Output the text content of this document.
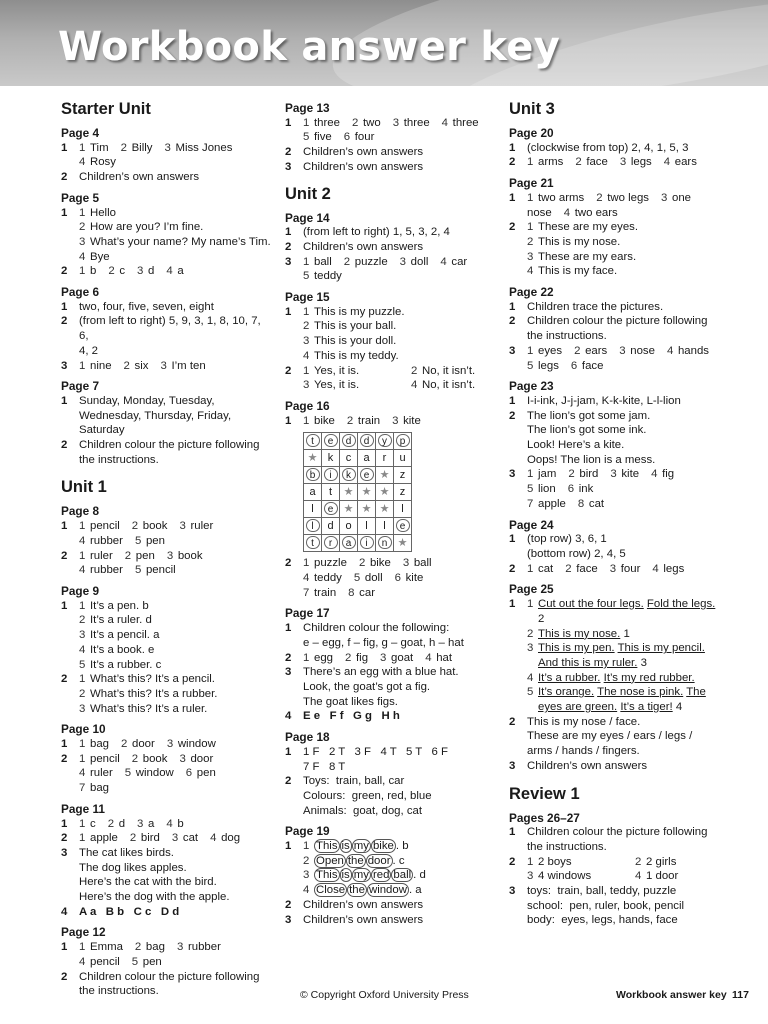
Workbook answer key
Starter Unit
Page 4
1 1 Tim 2 Billy 3 Miss Jones
4 Rosy
2 Children’s own answers
Page 5
1 1 Hello
2 How are you? I’m fine.
3 What’s your name? My name’s Tim.
4 Bye
2 1 b 2 c 3 d 4 a
Page 6
1 two, four, five, seven, eight
2 (from left to right) 5, 9, 3, 1, 8, 10, 7, 6,
4, 2
3 1 nine 2 six 3 I’m ten
Page 7
1 Sunday, Monday, Tuesday,
Wednesday, Thursday, Friday,
Saturday
2 Children colour the picture following
the instructions.
Unit 1
Page 8
1 1 pencil 2 book 3 ruler
4 rubber 5 pen
2 1 ruler 2 pen 3 book
4 rubber 5 pencil
Page 9
1 1 It’s a pen. b2 It’s a ruler. d
3 It’s a pencil. a4 It’s a book. e
5 It’s a rubber. c
2 1 What’s this? It’s a pencil.
2 What’s this? It’s a rubber.
3 What’s this? It’s a ruler.
Page 10
1 1 bag 2 door 3 window
2 1 pencil 2 book 3 door
4 ruler 5 window 6 pen
7 bag
Page 11
1 1 c 2 d 3 a 4 b
2 1 apple 2 bird 3 cat 4 dog
3 The cat likes birds.
The dog likes apples.
Here’s the cat with the bird.
Here’s the dog with the apple.
4 A a   B b   C c   D d
Page 12
1 1 Emma 2 bag 3 rubber
4 pencil 5 pen
2 Children colour the picture following
the instructions.
Page 13
1 1 three 2 two 3 three 4 three
5 five 6 four
2 Children’s own answers
3 Children’s own answers
Unit 2
Page 14
1 (from left to right) 1, 5, 3, 2, 4
2 Children’s own answers
3 1 ball 2 puzzle 3 doll 4 car
5 teddy
Page 15
1 1 This is my puzzle.
2 This is your ball.
3 This is your doll.
4 This is my teddy.
2 1 Yes, it is.	2 No, it isn’t.
3 Yes, it is.	4 No, it isn’t.
Page 16
1 1 bike 2 train 3 kite
t	e	d	d	y	p
★	k	c	a	r	u
b	i	k	e	★	z
a	t	★	★	★	z
l	e	★	★	★	l
l	d	o	l	l	e
t	r	a	i	n	★
2 1 puzzle 2 bike 3 ball
4 teddy 5 doll 6 kite
7 train 8 car
Page 17
1 Children colour the following:
e – egg, f – fig, g – goat, h – hat
2 1 egg 2 fig 3 goat 4 hat
3 There’s an egg with a blue hat.
Look, the goat’s got a fig.
The goat likes figs.
4 E e   F f   G g   H h
Page 18
1 1 F   2 T   3 F   4 T   5 T   6 F
7 F   8 T
2 Toys:  train, ball, car
Colours:  green, red, blue
Animals:  goat, dog, cat
Page 19
1 1 This is my bike . b
2 Open the door . c
3 This is my red ball . d
4 Close the window . a
2 Children’s own answers
3 Children’s own answers
Unit 3
Page 20
1 (clockwise from top) 2, 4, 1, 5, 3
2 1 arms 2 face 3 legs 4 ears
Page 21
1 1 two arms 2 two legs 3 one
nose 4 two ears
2 1 These are my eyes.
2 This is my nose.
3 These are my ears.
4 This is my face.
Page 22
1 Children trace the pictures.
2 Children colour the picture following
the instructions.
3 1 eyes 2 ears 3 nose 4 hands
5 legs 6 face
Page 23
1 I-i-ink, J-j-jam, K-k-kite, L-l-lion
2 The lion’s got some jam.
The lion’s got some ink.
Look! Here’s a kite.
Oops! The lion is a mess.
3 1 jam 2 bird 3 kite 4 fig
5 lion 6 ink
7 apple 8 cat
Page 24
1 (top row) 3, 6, 1
(bottom row) 2, 4, 5
2 1 cat 2 face 3 four 4 legs
Page 25
1 1 Cut out the four legs. Fold the legs.
2
2 This is my nose. 1
3 This is my pen. This is my pencil.
And this is my ruler. 3
4 It’s a rubber. It’s my red rubber.
5 It’s orange. The nose is pink. The
eyes are green. It’s a tiger! 4
2 This is my nose / face.
These are my eyes / ears / legs /
arms / hands / fingers.
3 Children’s own answers
Review 1
Pages 26–27
1 Children colour the picture following
the instructions.
2 1 2 boys	2 2 girls
3 4 windows	4 1 door
3 toys:  train, ball, teddy, puzzle
school:  pen, ruler, book, pencil
body:  eyes, legs, hands, face
© Copyright Oxford University Press	Workbook answer key 117
